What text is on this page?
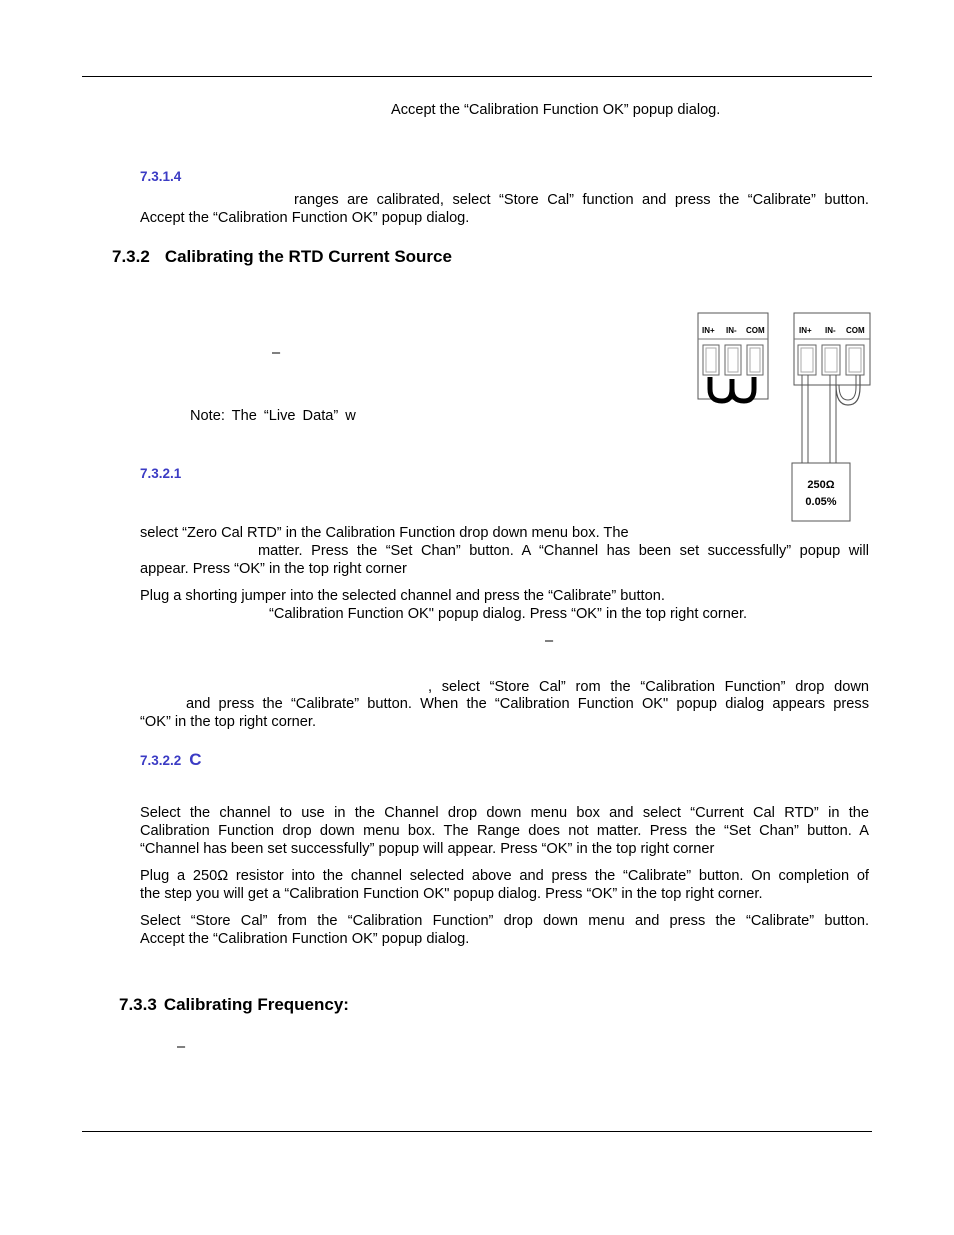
Accept the “Calibration Function OK” popup dialog.
7.3.1.4
ranges are calibrated, select “Store Cal” function and press the “Calibrate” button.
Accept the “Calibration Function OK” popup dialog.
7.3.2 Calibrating the RTD Current Source
–
Note: The “Live Data” w
IN+ IN- COM	IN+ IN- COM
250Ω
0.05%
7.3.2.1
select “Zero Cal RTD” in the Calibration Function drop down menu box. The
matter. Press the “Set Chan” button. A “Channel has been set successfully” popup will
appear. Press “OK” in the top right corner
Plug a shorting jumper into the selected channel and press the “Calibrate” button.
“Calibration Function OK" popup dialog. Press “OK” in the top right corner.
–
, select “Store Cal” rom the “Calibration Function” drop down
and press the “Calibrate” button. When the “Calibration Function OK" popup dialog appears press
“OK” in the top right corner.
7.3.2.2 C
Select the channel to use in the Channel drop down menu box and select “Current Cal RTD” in the
Calibration Function drop down menu box. The Range does not matter. Press the “Set Chan” button. A
“Channel has been set successfully” popup will appear. Press “OK” in the top right corner
Plug a 250Ω resistor into the channel selected above and press the “Calibrate” button. On completion of
the step you will get a “Calibration Function OK" popup dialog. Press “OK” in the top right corner.
Select “Store Cal” from the “Calibration Function” drop down menu and press the “Calibrate” button.
Accept the “Calibration Function OK” popup dialog.
7.3.3 Calibrating Frequency:
–
